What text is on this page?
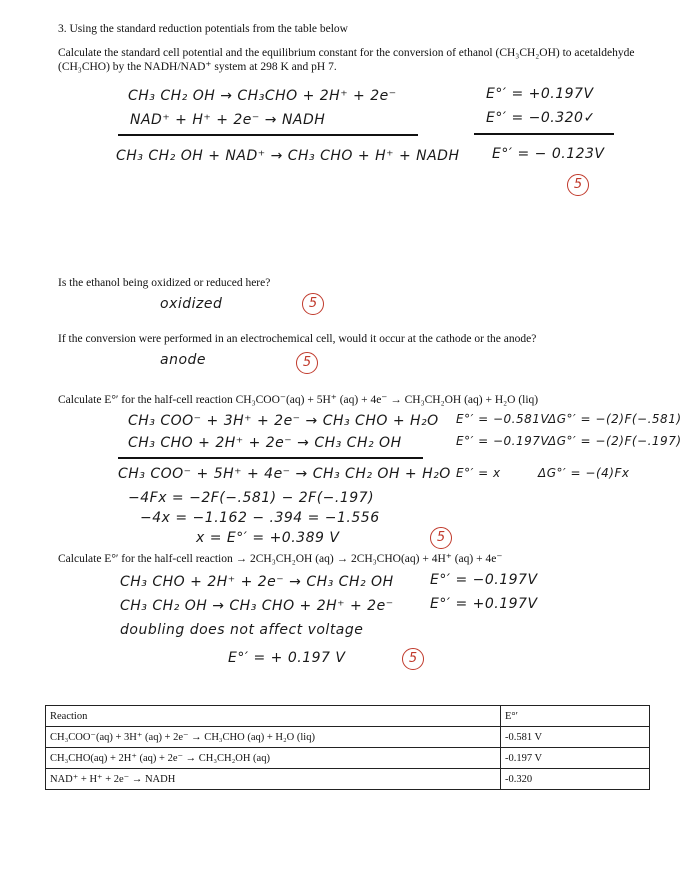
3. Using the standard reduction potentials from the table below
Calculate the standard cell potential and the equilibrium constant for the conversion of ethanol (CH₃CH₂OH) to acetaldehyde
(CH₃CHO) by the NADH/NAD⁺ system at 298 K and pH 7.
CH₃ CH₂ OH → CH₃CHO + 2H⁺ + 2e⁻	E°′ = +0.197V
NAD⁺ + H⁺ + 2e⁻ → NADH	E°′ = −0.320✓
CH₃ CH₂ OH + NAD⁺ → CH₃ CHO + H⁺ + NADH E°′ = − 0.123V
5
Is the ethanol being oxidized or reduced here?
oxidized	5
If the conversion were performed in an electrochemical cell, would it occur at the cathode or the anode?
anode	5
Calculate E°′ for the half-cell reaction CH₃COO⁻(aq) + 5H⁺ (aq) + 4e⁻ → CH₃CH₂OH (aq) + H₂O (liq)
CH₃ COO⁻ + 3H⁺ + 2e⁻ → CH₃ CHO + H₂O E°′ = −0.581V
ΔG°′ = −(2)F(−.581)
CH₃ CHO + 2H⁺ + 2e⁻ → CH₃ CH₂ OH	E°′ = −0.197V
ΔG°′ = −(2)F(−.197)
CH₃ COO⁻ + 5H⁺ + 4e⁻ → CH₃ CH₂ OH + H₂O E°′ = x	ΔG°′ = −(4)Fx
−4Fx = −2F(−.581) − 2F(−.197)
−4x = −1.162 − .394 = −1.556
x = E°′ = +0.389 V	5
Calculate E°′ for the half-cell reaction → 2CH₃CH₂OH (aq) → 2CH₃CHO(aq) + 4H⁺ (aq) + 4e⁻
CH₃ CHO + 2H⁺ + 2e⁻ → CH₃ CH₂ OH	E°′ = −0.197V
CH₃ CH₂ OH → CH₃ CHO + 2H⁺ + 2e⁻	E°′ = +0.197V
doubling does not affect voltage
E°′ = + 0.197 V	5
Reaction	E°′
CH₃COO⁻(aq) + 3H⁺ (aq) + 2e⁻ → CH₃CHO (aq) + H₂O (liq)	-0.581 V
CH₃CHO(aq) + 2H⁺ (aq) + 2e⁻ → CH₃CH₂OH (aq)	-0.197 V
NAD⁺ + H⁺ + 2e⁻ → NADH	-0.320
